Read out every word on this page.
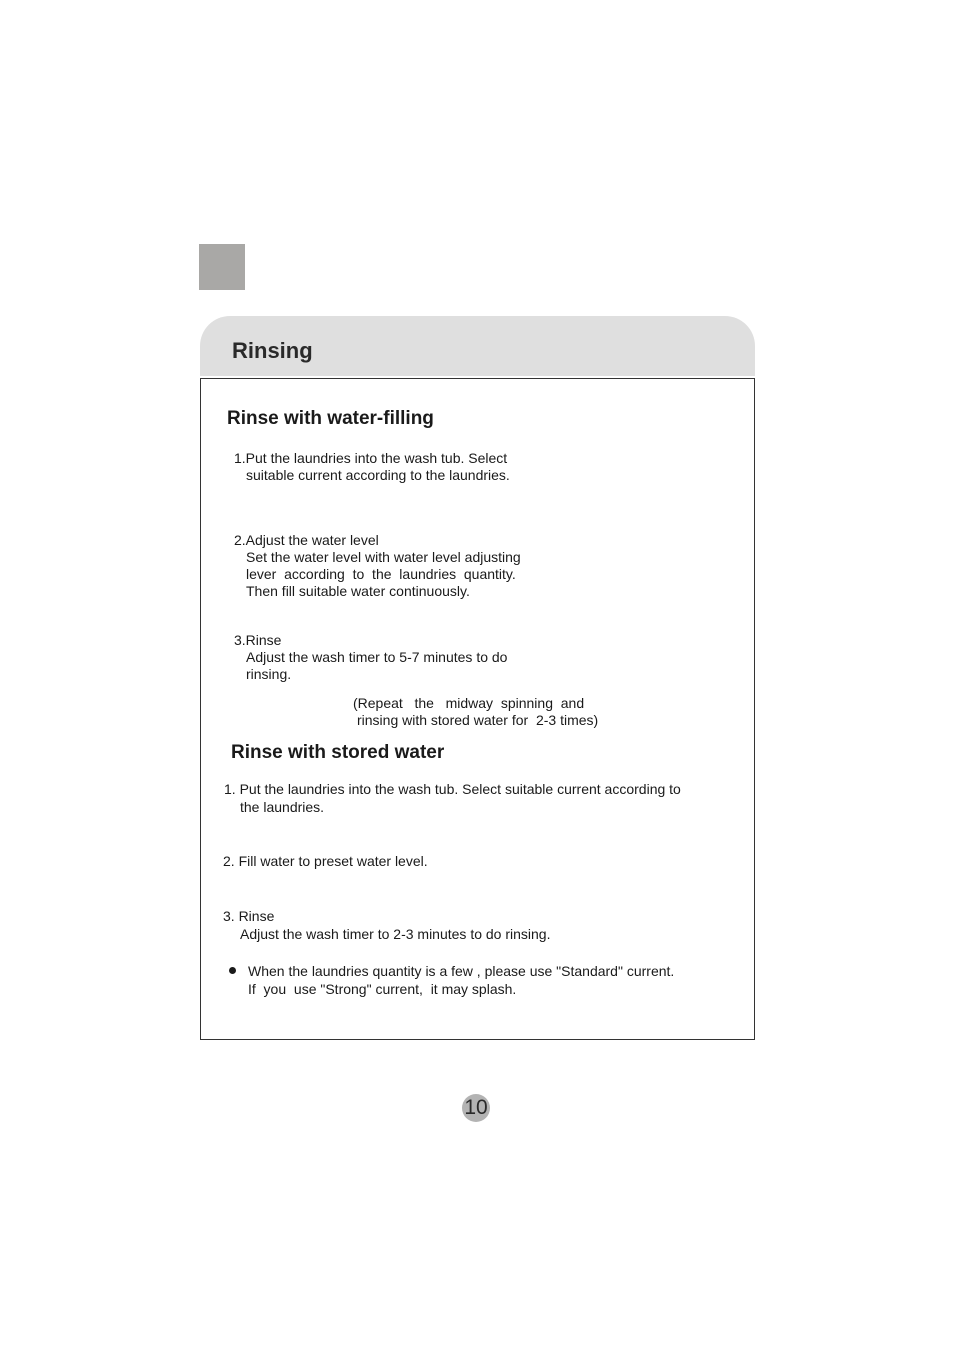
Rinsing
Rinse with water-filling
1.Put the laundries into the wash tub. Select
suitable current according to the laundries.
2.Adjust the water level
Set the water level with water level adjusting
lever  according  to  the  laundries  quantity.
Then fill suitable water continuously.
3.Rinse
Adjust the wash timer to 5-7 minutes to do
rinsing.
(Repeat   the   midway  spinning  and
rinsing with stored water for  2-3 times)
Rinse with stored water
1. Put the laundries into the wash tub. Select suitable current according to
the laundries.
2. Fill water to preset water level.
3. Rinse
Adjust the wash timer to 2-3 minutes to do rinsing.
When the laundries quantity is a few , please use "Standard" current.
If  you  use "Strong" current,  it may splash.
10
